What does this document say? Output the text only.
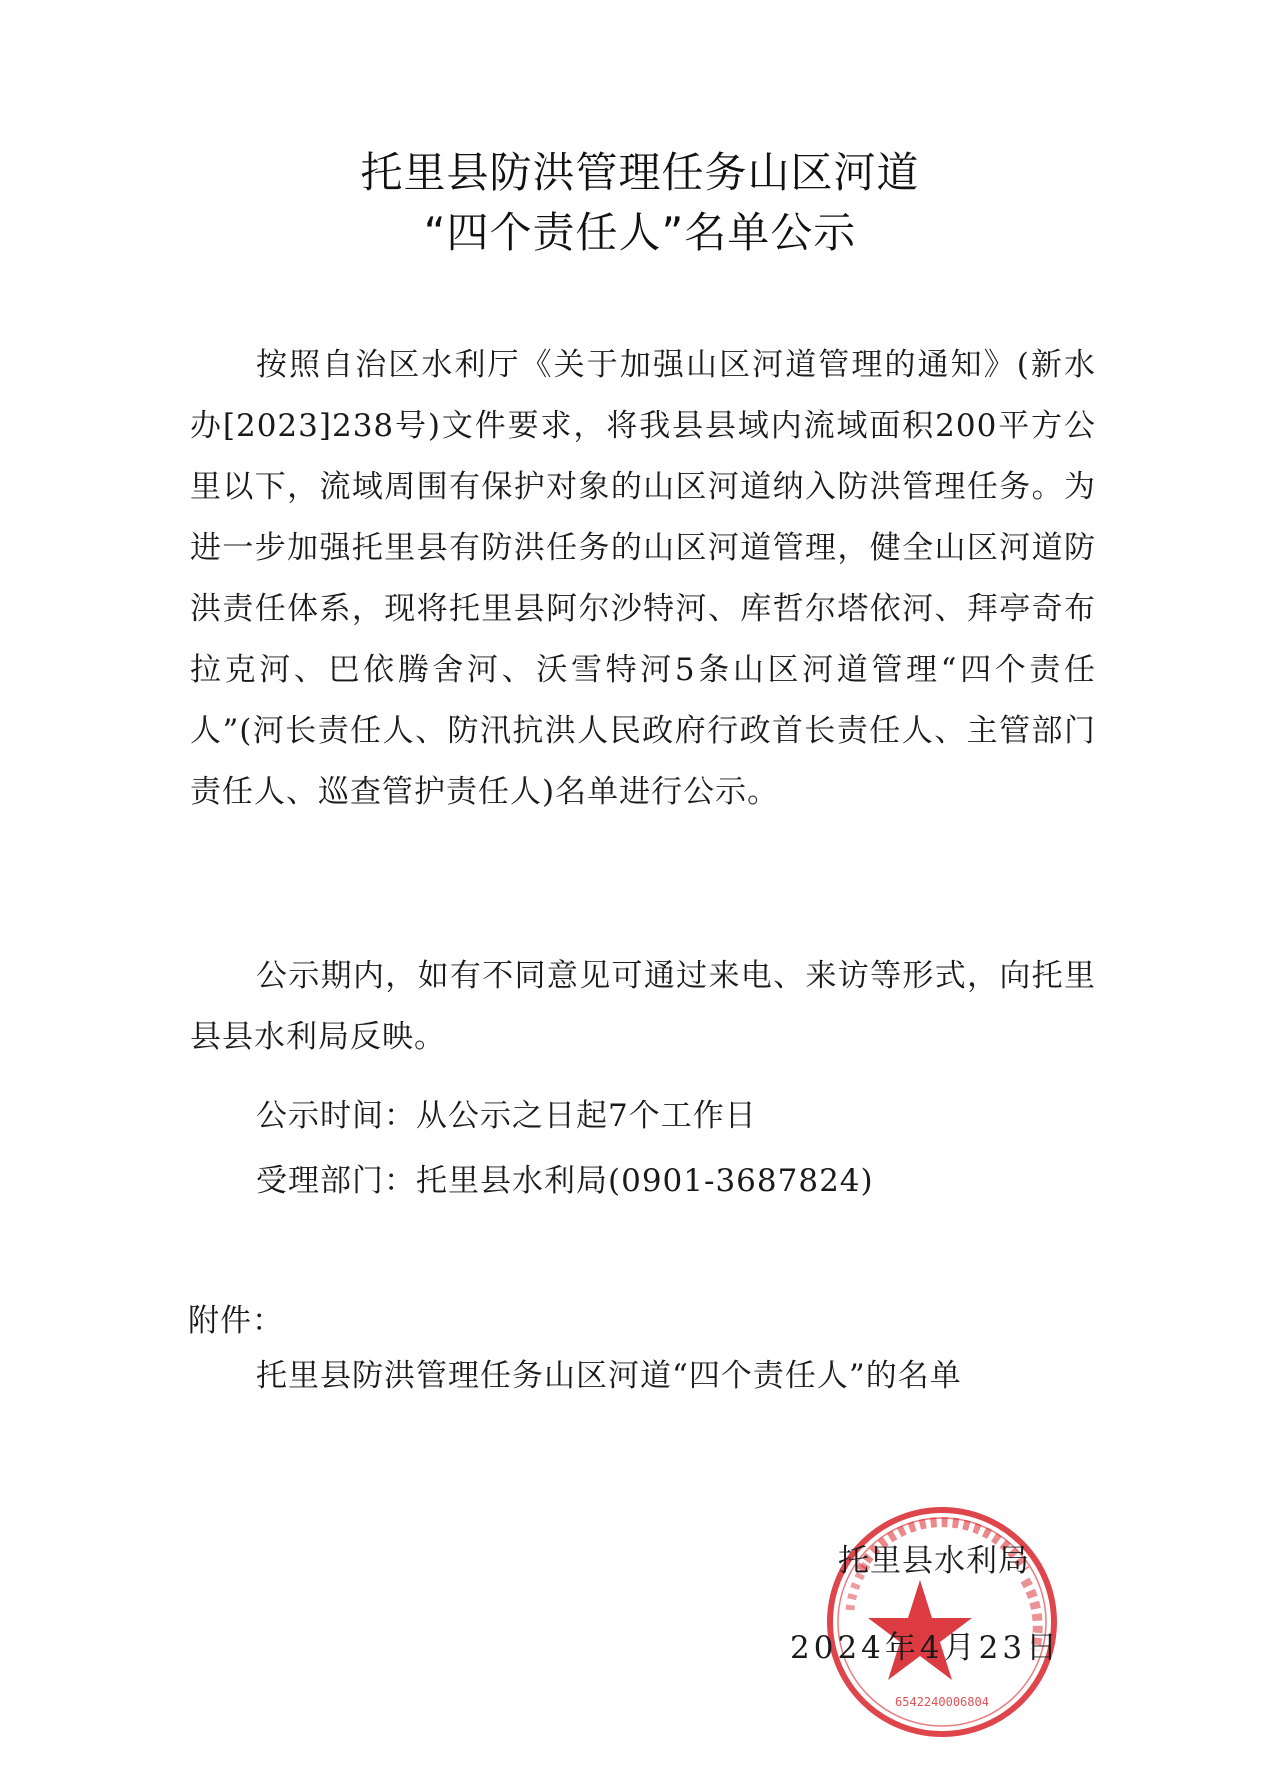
托里县防洪管理任务山区河道
“四个责任人”名单公示
按照自治区水利厅《关于加强山区河道管理的通知》(新水办[2023]238号)文件要求，将我县县域内流域面积200平方公里以下，流域周围有保护对象的山区河道纳入防洪管理任务。为进一步加强托里县有防洪任务的山区河道管理，健全山区河道防洪责任体系，现将托里县阿尔沙特河、库哲尔塔依河、拜亭奇布拉克河、巴依腾舍河、沃雪特河5条山区河道管理“四个责任人”(河长责任人、防汛抗洪人民政府行政首长责任人、主管部门责任人、巡查管护责任人)名单进行公示。
公示期内，如有不同意见可通过来电、来访等形式，向托里县县水利局反映。
公示时间：从公示之日起7个工作日
受理部门：托里县水利局(0901-3687824)
附件：
托里县防洪管理任务山区河道“四个责任人”的名单
6542240006804
托里县水利局
2024年4月23日
